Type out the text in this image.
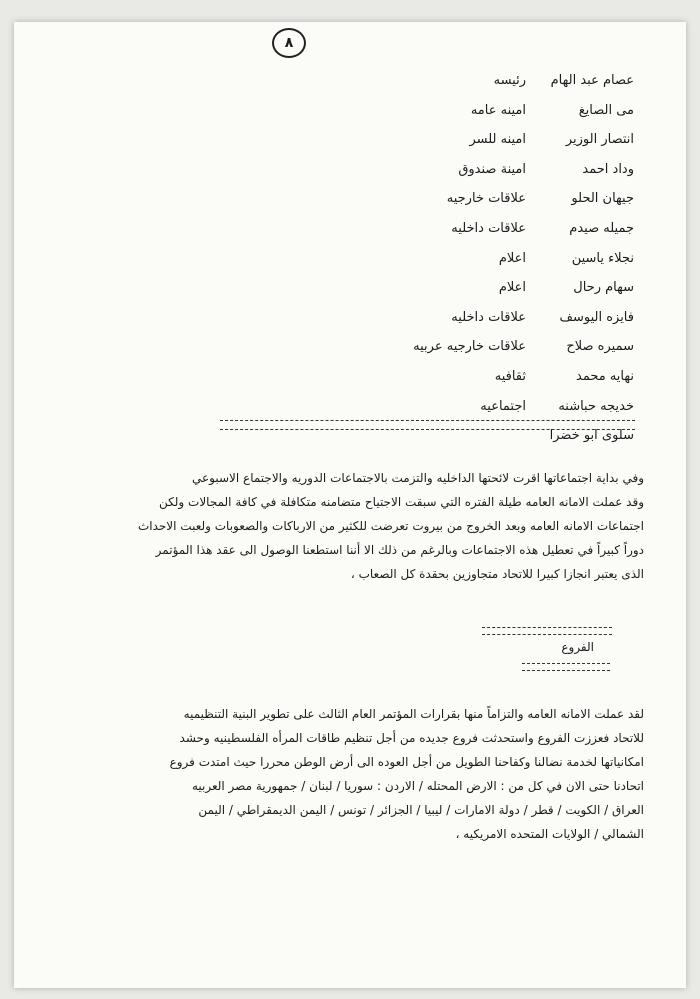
٨
عصام عبد الهام
رئيسه
مى الصايغ
امينه عامه
انتصار الوزير
امينه للسر
وداد احمد
امينة صندوق
جيهان الحلو
علاقات خارجيه
جميله صيدم
علاقات داخليه
نجلاء ياسين
اعلام
سهام رحال
اعلام
فايزه اليوسف
علاقات داخليه
سميره صلاح
علاقات خارجيه عربيه
نهايه محمد
ثقافيه
خديجه حباشنه
اجتماعيه
سلوى ابو خضرا
وفي بداية اجتماعاتها اقرت لائحتها الداخليه والتزمت بالاجتماعات الدوريه والاجتماع الاسبوعي
وقد عملت الامانه العامه طيلة الفتره التي سبقت الاجتياح متضامنه متكافلة في كافة المجالات ولكن
اجتماعات الامانه العامه وبعد الخروج من بيروت تعرضت للكثير من الارباكات والصعوبات ولعبت الاحداث
دوراً كبيراً في تعطيل هذه الاجتماعات وبالرغم من ذلك الا أننا استطعنا الوصول الى عقد هذا المؤتمر
الذى يعتبر انجازا كبيرا للاتحاد متجاوزين بحقدة كل الصعاب ،
الفروع
لقد عملت الامانه العامه والتزاماً منها بقرارات المؤتمر العام الثالث على تطوير البنية التنظيميه
للاتحاد فعززت الفروع واستحدثت فروع جديده من أجل تنظيم طاقات المرأه الفلسطينيه وحشد
امكانياتها لخدمة نضالنا وكفاحنا الطويل من أجل العوده الى أرض الوطن محررا حيث امتدت فروع
اتحادنا حتى الان في كل من : الارض المحتله / الاردن : سوريا / لبنان / جمهورية مصر العربيه
العراق / الكويت / قطر / دولة الامارات / ليبيا / الجزائر / تونس / اليمن الديمقراطي / اليمن
الشمالي / الولايات المتحده الامريكيه ،
